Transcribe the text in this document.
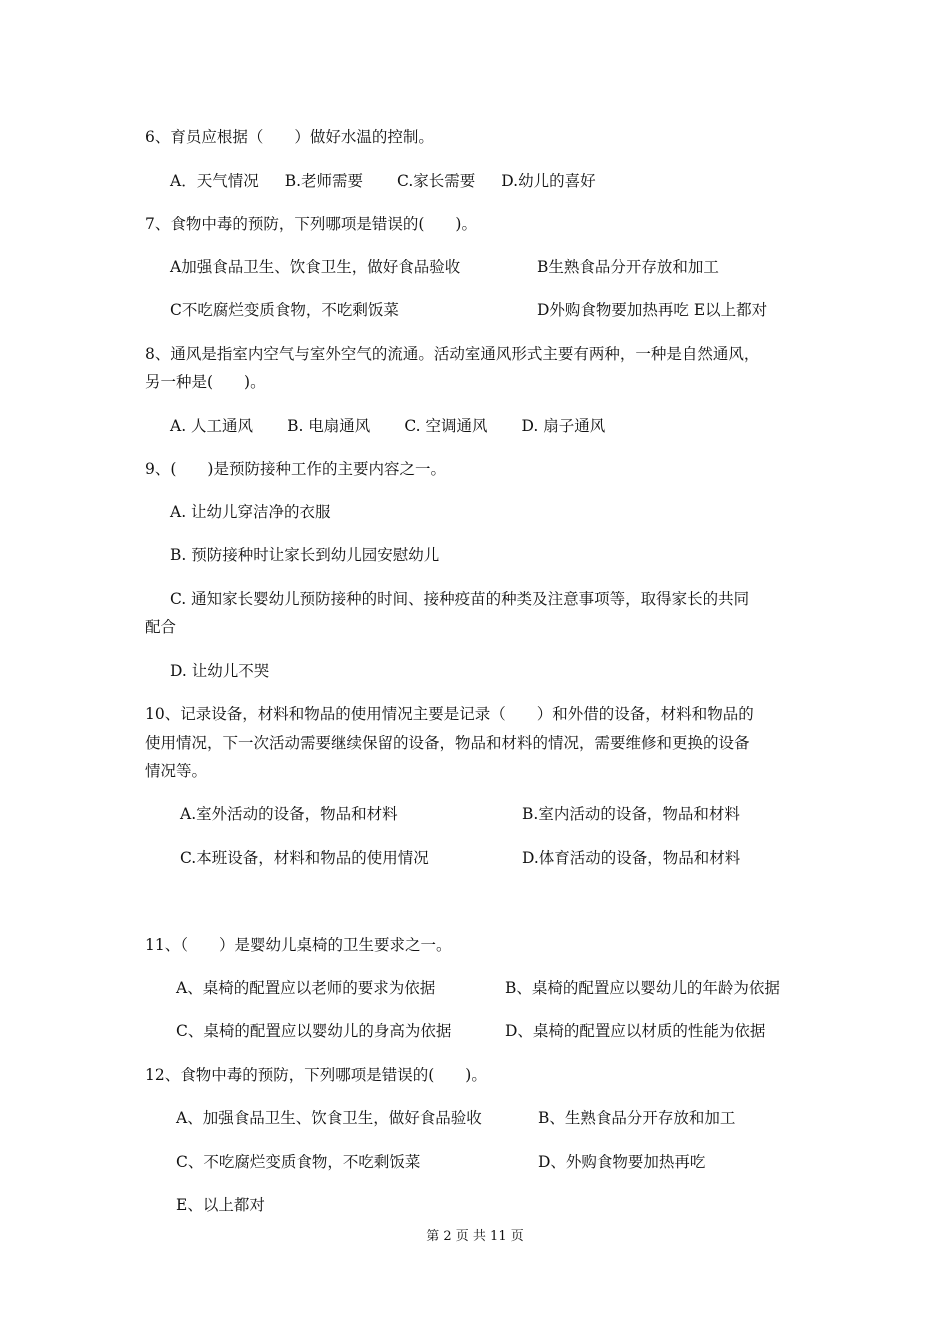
6、育员应根据（　　）做好水温的控制。
A．天气情况 B.老师需要 C.家长需要 D.幼儿的喜好
7、食物中毒的预防，下列哪项是错误的(　　)。
A加强食品卫生、饮食卫生，做好食品验收	B生熟食品分开存放和加工
C不吃腐烂变质食物，不吃剩饭菜	D外购食物要加热再吃 E以上都对
8、通风是指室内空气与室外空气的流通。活动室通风形式主要有两种，一种是自然通风，
另一种是(　　)。
A. 人工通风 B. 电扇通风 C. 空调通风 D. 扇子通风
9、(　　)是预防接种工作的主要内容之一。
A. 让幼儿穿洁净的衣服
B. 预防接种时让家长到幼儿园安慰幼儿
C. 通知家长婴幼儿预防接种的时间、接种疫苗的种类及注意事项等，取得家长的共同
配合
D. 让幼儿不哭
10、记录设备，材料和物品的使用情况主要是记录（　　）和外借的设备，材料和物品的
使用情况，下一次活动需要继续保留的设备，物品和材料的情况，需要维修和更换的设备
情况等。
A.室外活动的设备，物品和材料	B.室内活动的设备，物品和材料
C.本班设备，材料和物品的使用情况	D.体育活动的设备，物品和材料
11、（　　）是婴幼儿桌椅的卫生要求之一。
A、桌椅的配置应以老师的要求为依据	B、桌椅的配置应以婴幼儿的年龄为依据
C、桌椅的配置应以婴幼儿的身高为依据	D、桌椅的配置应以材质的性能为依据
12、食物中毒的预防，下列哪项是错误的(　　)。
A、加强食品卫生、饮食卫生，做好食品验收	B、生熟食品分开存放和加工
C、不吃腐烂变质食物，不吃剩饭菜	D、外购食物要加热再吃
E、以上都对
第 2 页 共 11 页
